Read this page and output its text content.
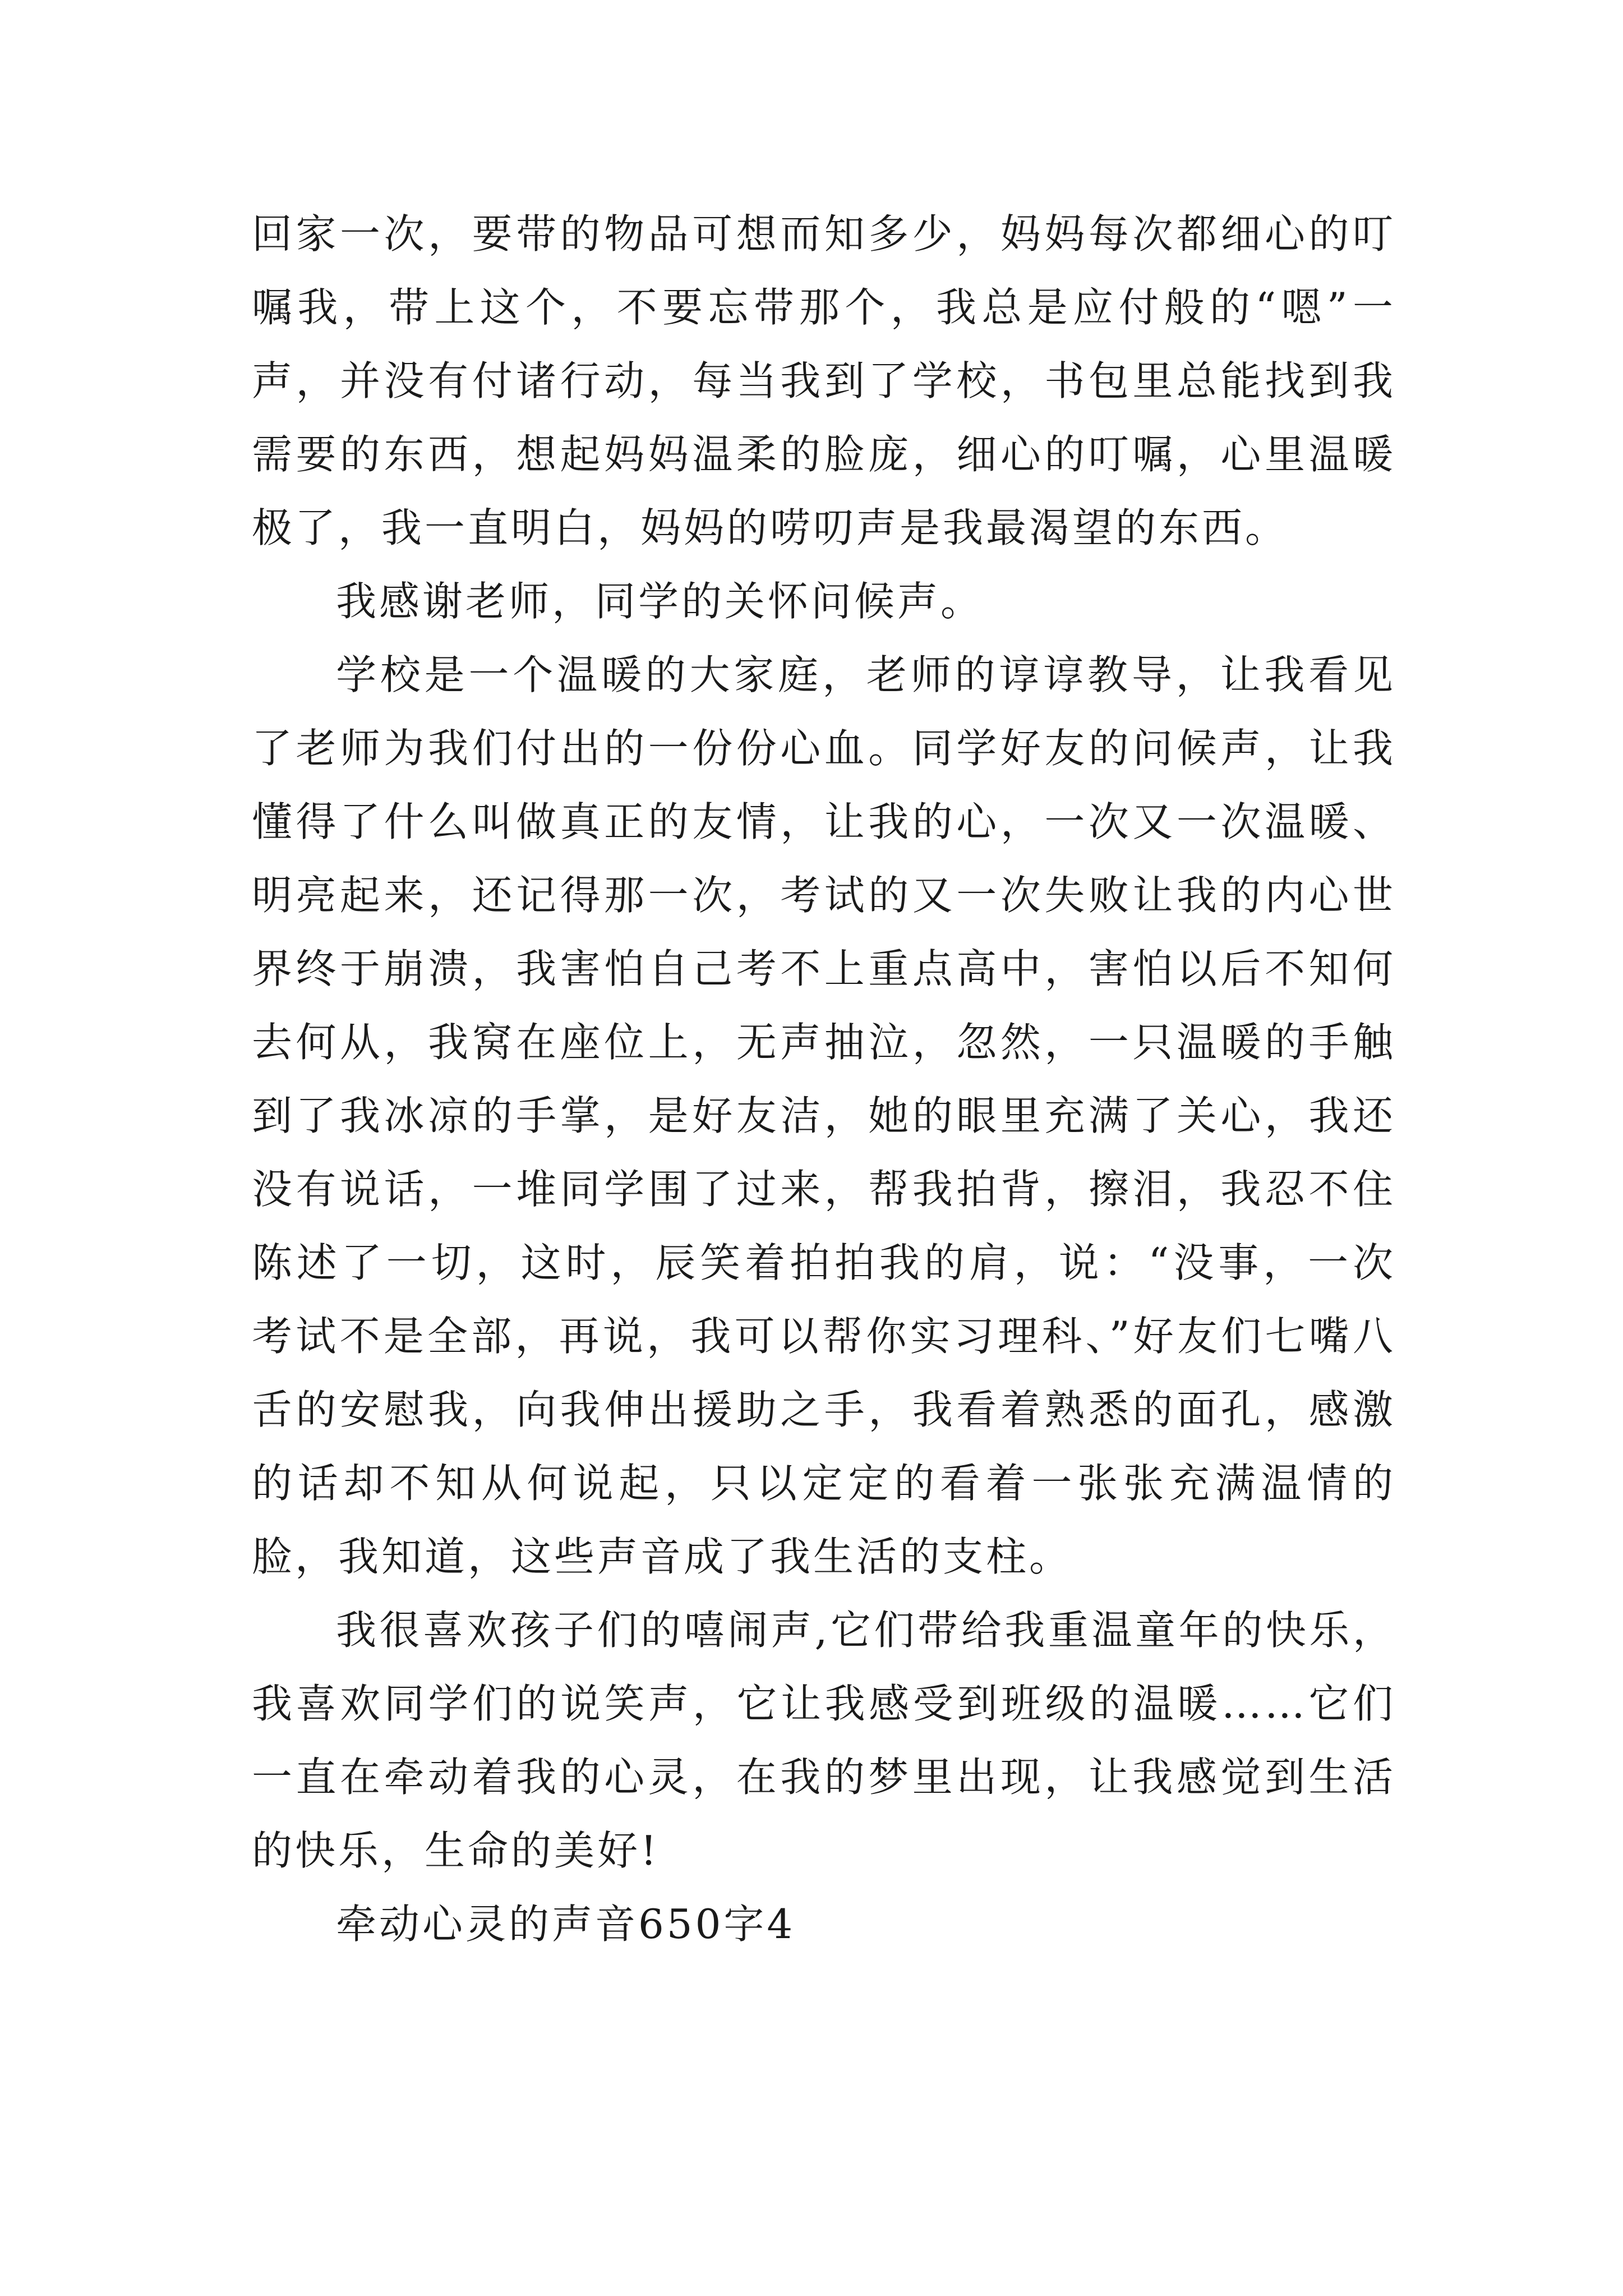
回家一次，要带的物品可想而知多少，妈妈每次都细心的叮嘱我，带上这个，不要忘带那个，我总是应付般的“嗯”一声，并没有付诸行动，每当我到了学校，书包里总能找到我需要的东西，想起妈妈温柔的脸庞，细心的叮嘱，心里温暖极了，我一直明白，妈妈的唠叨声是我最渴望的东西。

我感谢老师，同学的关怀问候声。

学校是一个温暖的大家庭，老师的谆谆教导，让我看见了老师为我们付出的一份份心血。同学好友的问候声，让我懂得了什么叫做真正的友情，让我的心，一次又一次温暖、明亮起来，还记得那一次，考试的又一次失败让我的内心世界终于崩溃，我害怕自己考不上重点高中，害怕以后不知何去何从，我窝在座位上，无声抽泣，忽然，一只温暖的手触到了我冰凉的手掌，是好友洁，她的眼里充满了关心，我还没有说话，一堆同学围了过来，帮我拍背，擦泪，我忍不住陈述了一切，这时，辰笑着拍拍我的肩，说：“没事，一次考试不是全部，再说，我可以帮你实习理科、”好友们七嘴八舌的安慰我，向我伸出援助之手，我看着熟悉的面孔，感激的话却不知从何说起，只以定定的看着一张张充满温情的脸，我知道，这些声音成了我生活的支柱。

我很喜欢孩子们的嘻闹声,它们带给我重温童年的快乐，我喜欢同学们的说笑声，它让我感受到班级的温暖……它们一直在牵动着我的心灵，在我的梦里出现，让我感觉到生活的快乐，生命的美好!

牵动心灵的声音650字4
